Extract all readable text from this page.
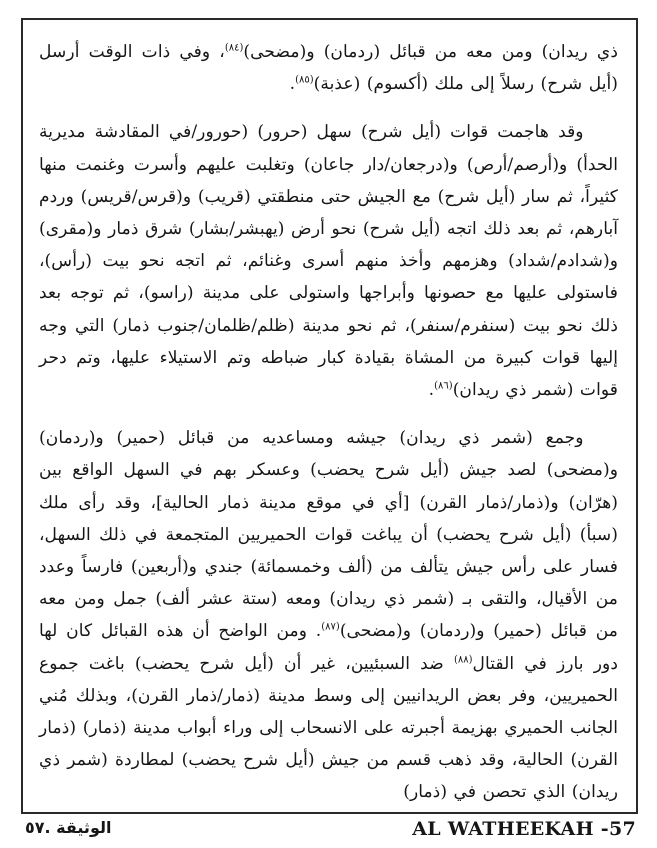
ذي ريدان) ومن معه من قبائل (ردمان) و(مضحى)$^{(٨٤)}$، وفي ذات الوقت أرسل (أيل شرح) رسلاً إلى ملك (أكسوم) (عذبة)$^{(٨٥)}$.

وقد هاجمت قوات (أيل شرح) سهل (حرور) (حورور/في المقادشة مديرية الحدأ) و(أرصم/أرص) و(درجعان/دار جاعان) وتغلبت عليهم وأسرت وغنمت منها كثيراً، ثم سار (أيل شرح) مع الجيش حتى منطقتي (قريب) و(قرس/قريس) وردم آبارهم، ثم بعد ذلك اتجه (أيل شرح) نحو أرض (يهبشر/بشار) شرق ذمار و(مقرى) و(شدادم/شداد) وهزمهم وأخذ منهم أسرى وغنائم، ثم اتجه نحو بيت (رأس)، فاستولى عليها مع حصونها وأبراجها واستولى على مدينة (راسو)، ثم توجه بعد ذلك نحو بيت (سنفرم/سنفر)، ثم نحو مدينة (ظلم/ظلمان/جنوب ذمار) التي وجه إليها قوات كبيرة من المشاة بقيادة كبار ضباطه وتم الاستيلاء عليها، وتم دحر قوات (شمر ذي ريدان)$^{(٨٦)}$.

وجمع (شمر ذي ريدان) جيشه ومساعديه من قبائل (حمير) و(ردمان) و(مضحى) لصد جيش (أيل شرح يحضب) وعسكر بهم في السهل الواقع بين (هرّان) و(ذمار/ذمار القرن) [أي في موقع مدينة ذمار الحالية]، وقد رأى ملك (سبأ) (أيل شرح يحضب) أن يباغت قوات الحميريين المتجمعة في ذلك السهل، فسار على رأس جيش يتألف من (ألف وخمسمائة) جندي و(أربعين) فارساً وعدد من الأقيال، والتقى بـ (شمر ذي ريدان) ومعه (ستة عشر ألف) جمل ومن معه من قبائل (حمير) و(ردمان) و(مضحى)$^{(٨٧)}$. ومن الواضح أن هذه القبائل كان لها دور بارز في القتال$^{(٨٨)}$ ضد السبئيين، غير أن (أيل شرح يحضب) باغت جموع الحميريين، وفر بعض الريدانيين إلى وسط مدينة (ذمار/ذمار القرن)، وبذلك مُني الجانب الحميري بهزيمة أجبرته على الانسحاب إلى وراء أبواب مدينة (ذمار) (ذمار القرن) الحالية، وقد ذهب قسم من جيش (أيل شرح يحضب) لمطاردة (شمر ذي ريدان) الذي تحصن في (ذمار)

الوثيقة .٥٧	AL WATHEEKAH -57
